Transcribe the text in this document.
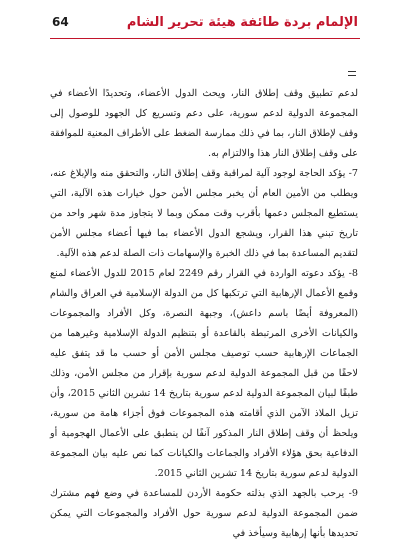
الإلمام بردة طائفة هيئة تحرير الشام
64

لدعم تطبيق وقف إطلاق النار، ويحث الدول الأعضاء، وتحديدًا الأعضاء في المجموعة الدولية لدعم سورية، على دعم وتسريع كل الجهود للوصول إلى وقف لإطلاق النار، بما في ذلك ممارسة الضغط على الأطراف المعنية للموافقة على وقف إطلاق النار هذا والالتزام به.

7- يؤكد الحاجة لوجود آلية لمراقبة وقف إطلاق النار، والتحقق منه والإبلاغ عنه، ويطلب من الأمين العام أن يخبر مجلس الأمن حول خيارات هذه الآلية، التي يستطيع المجلس دعمها بأقرب وقت ممكن وبما لا يتجاوز مدة شهر واحد من تاريخ تبني هذا القرار، ويشجع الدول الأعضاء بما فيها أعضاء مجلس الأمن لتقديم المساعدة بما في ذلك الخبرة والإسهامات ذات الصلة لدعم هذه الآلية.

8- يؤكد دعوته الواردة في القرار رقم 2249 لعام 2015 للدول الأعضاء لمنع وقمع الأعمال الإرهابية التي ترتكبها كل من الدولة الإسلامية في العراق والشام (المعروفة أيضًا باسم داعش)، وجبهة النصرة، وكل الأفراد والمجموعات والكيانات الأخرى المرتبطة بالقاعدة أو بتنظيم الدولة الإسلامية وغيرهما من الجماعات الإرهابية حسب توصيف مجلس الأمن أو حسب ما قد يتفق عليه لاحقًا من قبل المجموعة الدولية لدعم سورية بإقرار من مجلس الأمن، وذلك طبقًا لبيان المجموعة الدولية لدعم سورية بتاريخ 14 تشرين الثاني 2015، وأن تزيل الملاذ الآمن الذي أقامته هذه المجموعات فوق أجزاء هامة من سورية، ويلحظ أن وقف إطلاق النار المذكور آنفًا لن ينطبق على الأعمال الهجومية أو الدفاعية بحق هؤلاء الأفراد والجماعات والكيانات كما نص عليه بيان المجموعة الدولية لدعم سورية بتاريخ 14 تشرين الثاني 2015.

9- يرحب بالجهد الذي بذلته حكومة الأردن للمساعدة في وضع فهم مشترك ضمن المجموعة الدولية لدعم سورية حول الأفراد والمجموعات التي يمكن تحديدها بأنها إرهابية وسيأخذ في
